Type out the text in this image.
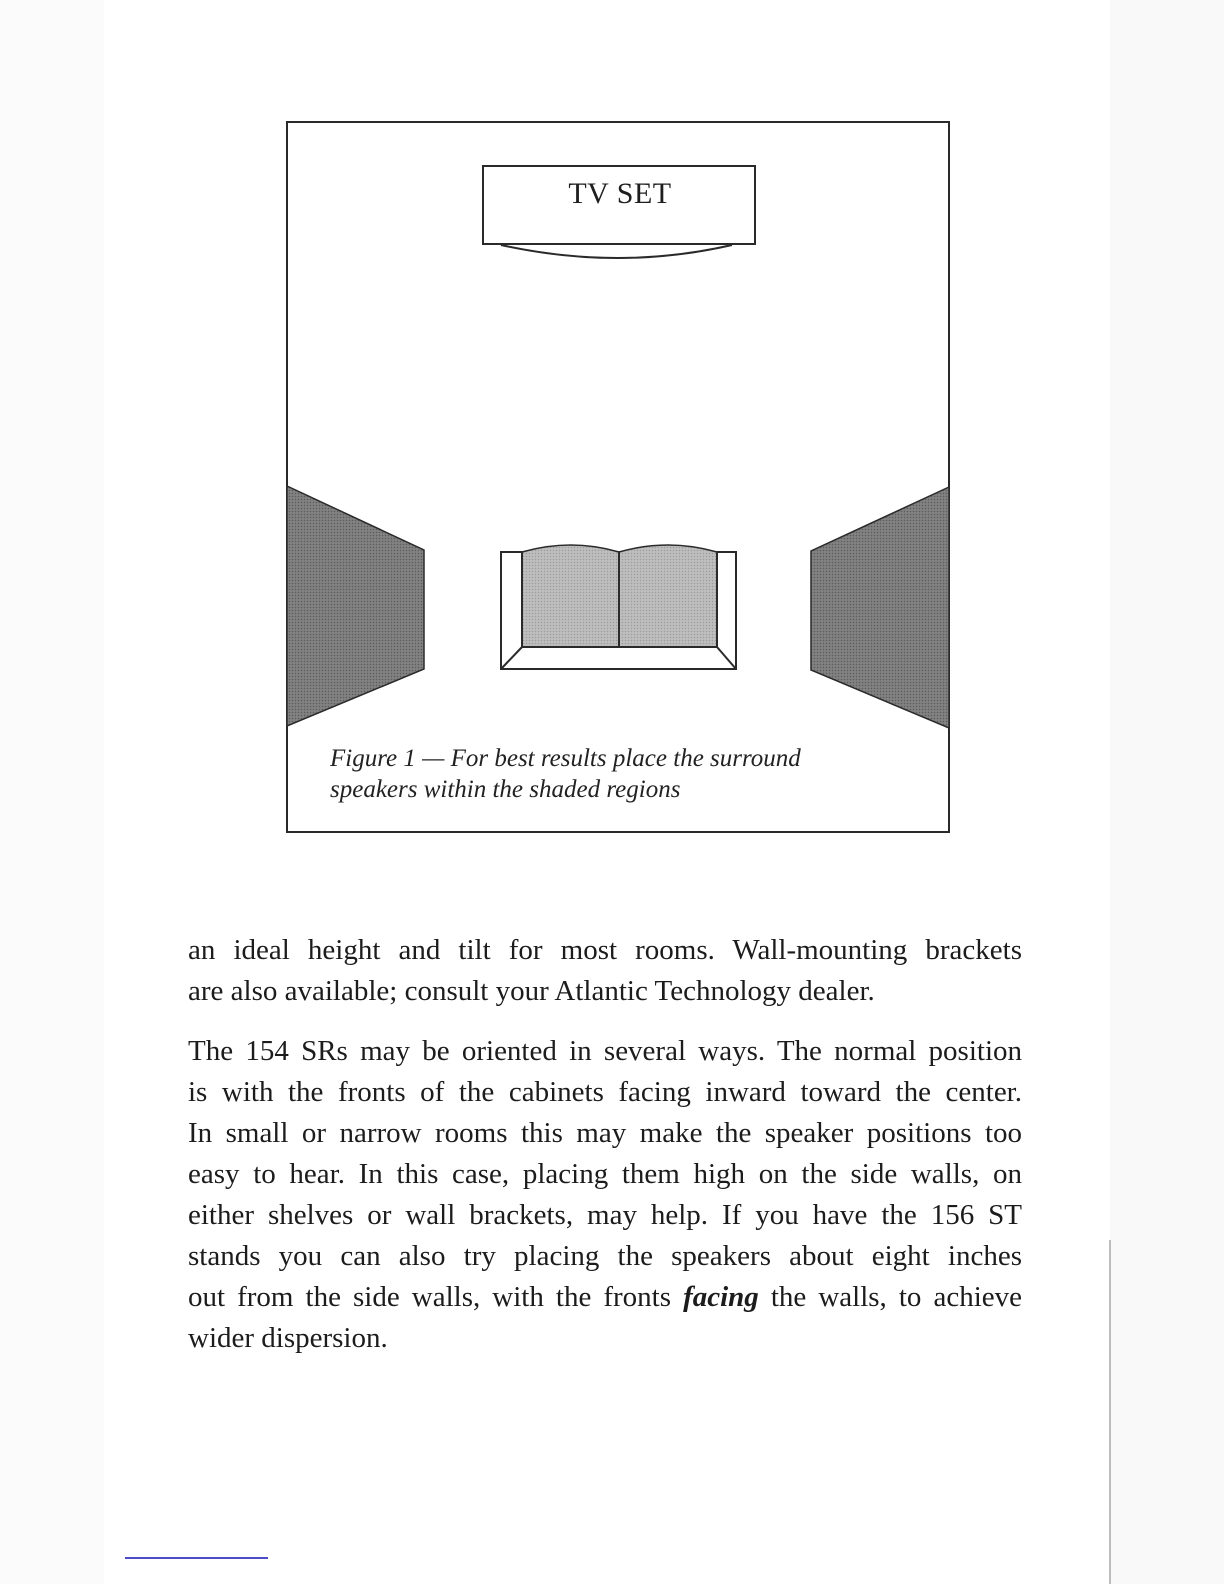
TV SET
Figure 1 — For best results place the surround
speakers within the shaded regions

an ideal height and tilt for most rooms. Wall-mounting brackets
are also available; consult your Atlantic Technology dealer.

The 154 SRs may be oriented in several ways. The normal position
is with the fronts of the cabinets facing inward toward the center.
In small or narrow rooms this may make the speaker positions too
easy to hear. In this case, placing them high on the side walls, on
either shelves or wall brackets, may help. If you have the 156 ST
stands you can also try placing the speakers about eight inches
out from the side walls, with the fronts facing the walls, to achieve
wider dispersion.
